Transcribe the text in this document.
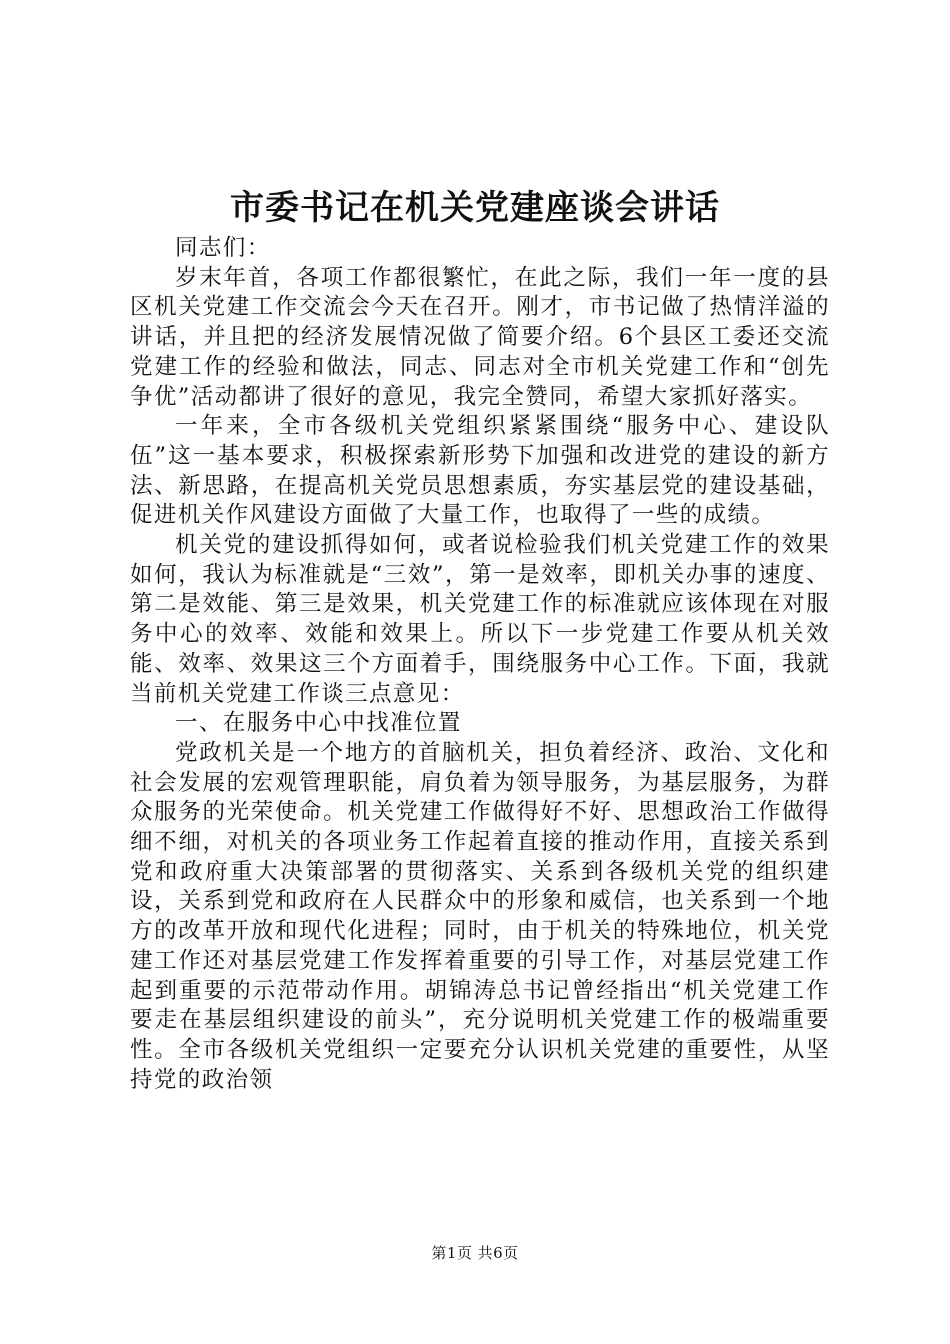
市委书记在机关党建座谈会讲话

同志们：

岁末年首，各项工作都很繁忙，在此之际，我们一年一度的县区机关党建工作交流会今天在召开。刚才，市书记做了热情洋溢的讲话，并且把的经济发展情况做了简要介绍。6个县区工委还交流党建工作的经验和做法，同志、同志对全市机关党建工作和“创先争优”活动都讲了很好的意见，我完全赞同，希望大家抓好落实。

一年来，全市各级机关党组织紧紧围绕“服务中心、建设队伍”这一基本要求，积极探索新形势下加强和改进党的建设的新方法、新思路，在提高机关党员思想素质，夯实基层党的建设基础，促进机关作风建设方面做了大量工作，也取得了一些的成绩。

机关党的建设抓得如何，或者说检验我们机关党建工作的效果如何，我认为标准就是“三效”，第一是效率，即机关办事的速度、第二是效能、第三是效果，机关党建工作的标准就应该体现在对服务中心的效率、效能和效果上。所以下一步党建工作要从机关效能、效率、效果这三个方面着手，围绕服务中心工作。下面，我就当前机关党建工作谈三点意见：

一、在服务中心中找准位置

党政机关是一个地方的首脑机关，担负着经济、政治、文化和社会发展的宏观管理职能，肩负着为领导服务，为基层服务，为群众服务的光荣使命。机关党建工作做得好不好、思想政治工作做得细不细，对机关的各项业务工作起着直接的推动作用，直接关系到党和政府重大决策部署的贯彻落实、关系到各级机关党的组织建设，关系到党和政府在人民群众中的形象和威信，也关系到一个地方的改革开放和现代化进程；同时，由于机关的特殊地位，机关党建工作还对基层党建工作发挥着重要的引导工作，对基层党建工作起到重要的示范带动作用。胡锦涛总书记曾经指出“机关党建工作要走在基层组织建设的前头”，充分说明机关党建工作的极端重要性。全市各级机关党组织一定要充分认识机关党建的重要性，从坚持党的政治领

第1页 共6页
